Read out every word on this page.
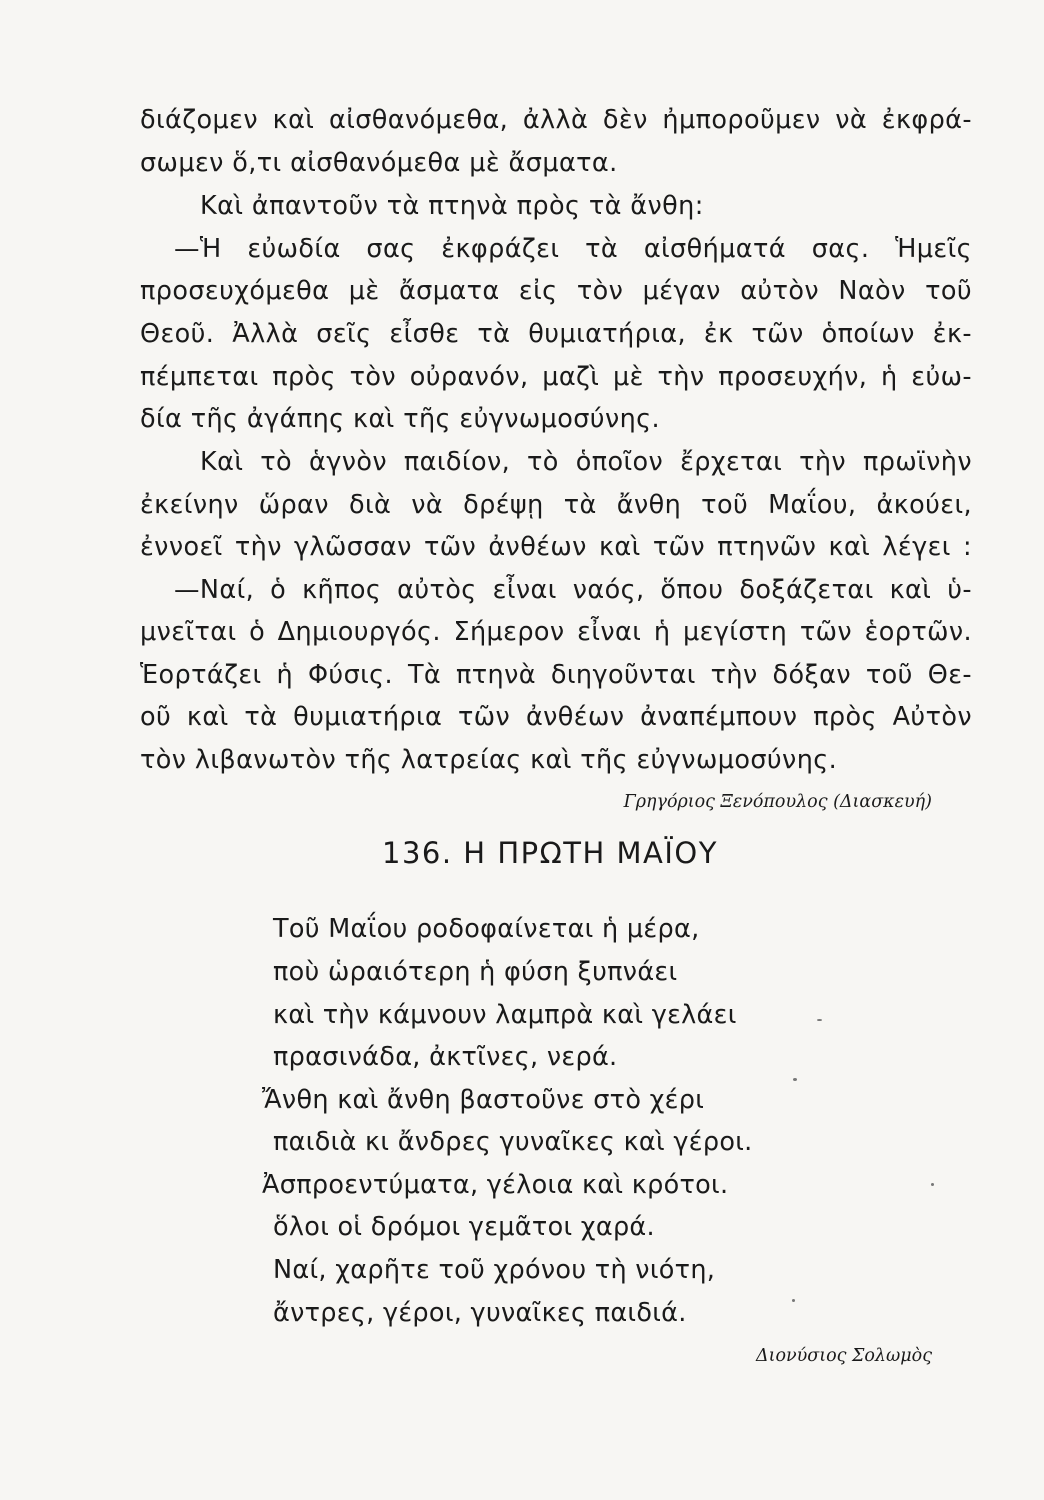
διάζομεν καὶ αἰσθανόμεθα, ἀλλὰ δὲν ἠμποροῦμεν νὰ ἐκφρά-
σωμεν ὅ,τι αἰσθανόμεθα μὲ ἄσματα.
Καὶ ἀπαντοῦν τὰ πτηνὰ πρὸς τὰ ἄνθη:
—Ἡ εὐωδία σας ἐκφράζει τὰ αἰσθήματά σας. Ἡμεῖς
προσευχόμεθα μὲ ἄσματα εἰς τὸν μέγαν αὐτὸν Ναὸν τοῦ
Θεοῦ. Ἀλλὰ σεῖς εἶσθε τὰ θυμιατήρια, ἐκ τῶν ὁποίων ἐκ-
πέμπεται πρὸς τὸν οὐρανόν, μαζὶ μὲ τὴν προσευχήν, ἡ εὐω-
δία τῆς ἀγάπης καὶ τῆς εὐγνωμοσύνης.
Καὶ τὸ ἁγνὸν παιδίον, τὸ ὁποῖον ἔρχεται τὴν πρωϊνὴν
ἐκείνην ὥραν διὰ νὰ δρέψῃ τὰ ἄνθη τοῦ Μαΐου, ἀκούει,
ἐννοεῖ τὴν γλῶσσαν τῶν ἀνθέων καὶ τῶν πτηνῶν καὶ λέγει :
—Ναί, ὁ κῆπος αὐτὸς εἶναι ναός, ὅπου δοξάζεται καὶ ὑ-
μνεῖται ὁ Δημιουργός. Σήμερον εἶναι ἡ μεγίστη τῶν ἑορτῶν.
Ἑορτάζει ἡ Φύσις. Τὰ πτηνὰ διηγοῦνται τὴν δόξαν τοῦ Θε-
οῦ καὶ τὰ θυμιατήρια τῶν ἀνθέων ἀναπέμπουν πρὸς Αὐτὸν
τὸν λιβανωτὸν τῆς λατρείας καὶ τῆς εὐγνωμοσύνης.
Γρηγόριος Ξενόπουλος (Διασκευή)
136. Η ΠΡΩΤΗ ΜΑΪΟΥ
Τοῦ Μαΐου ροδοφαίνεται ἡ μέρα,
ποὺ ὡραιότερη ἡ φύση ξυπνάει
καὶ τὴν κάμνουν λαμπρὰ καὶ γελάει
πρασινάδα, ἀκτῖνες, νερά.
Ἄνθη καὶ ἄνθη βαστοῦνε στὸ χέρι
παιδιὰ κι ἄνδρες γυναῖκες καὶ γέροι.
Ἀσπροεντύματα, γέλοια καὶ κρότοι.
ὅλοι οἱ δρόμοι γεμᾶτοι χαρά.
Ναί, χαρῆτε τοῦ χρόνου τὴ νιότη,
ἄντρες, γέροι, γυναῖκες παιδιά.
Διονύσιος Σολωμὸς
